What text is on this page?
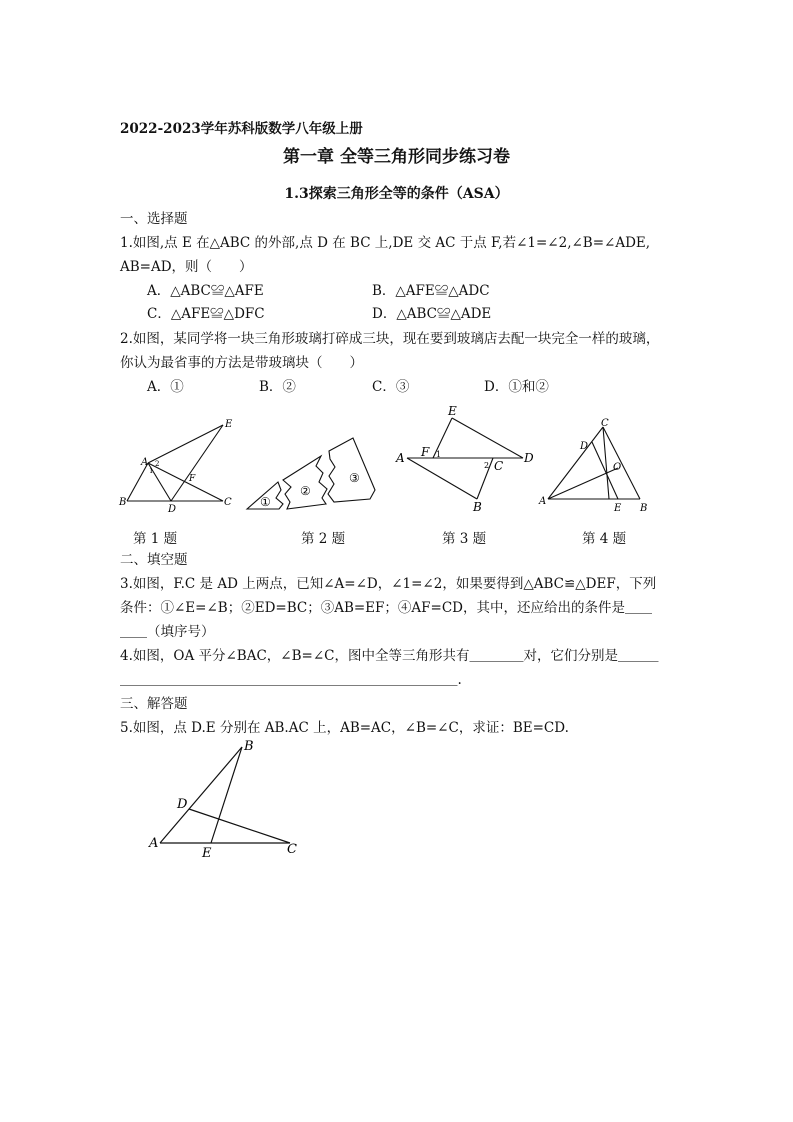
2022-2023学年苏科版数学八年级上册
第一章 全等三角形同步练习卷
1.3探索三角形全等的条件（ASA）
一、选择题
1.如图,点 E 在△ABC 的外部,点 D 在 BC 上,DE 交 AC 于点 F,若∠1=∠2,∠B=∠ADE,
AB=AD，则（　　）
A．△ABC≌△AFE	B．△AFE≌△ADC
C．△AFE≌△DFC	D．△ABC≌△ADE
2.如图，某同学将一块三角形玻璃打碎成三块，现在要到玻璃店去配一块完全一样的玻璃，
你认为最省事的方法是带玻璃块（　　）
A．①	B．②	C．③	D．①和②
E
A 2
1
F
B
D
C ①
②
③
E
A F 1
2 C
D
B
C
D
O
A
E B
第 1 题	第 2 题	第 3 题	第 4 题
二、填空题
3.如图，F.C 是 AD 上两点，已知∠A=∠D，∠1=∠2，如果要得到△ABC≌△DEF，下列
条件：①∠E=∠B；②ED=BC；③AB=EF；④AF=CD，其中，还应给出的条件是＿＿
＿＿（填序号）
4.如图，OA 平分∠BAC，∠B=∠C，图中全等三角形共有＿＿＿＿对，它们分别是＿＿＿
＿＿＿＿＿＿＿＿＿＿＿＿＿＿＿＿＿＿＿＿＿＿＿＿＿.
三、解答题
5.如图，点 D.E 分别在 AB.AC 上，AB=AC，∠B=∠C，求证：BE=CD.
B
D
A
E	C
